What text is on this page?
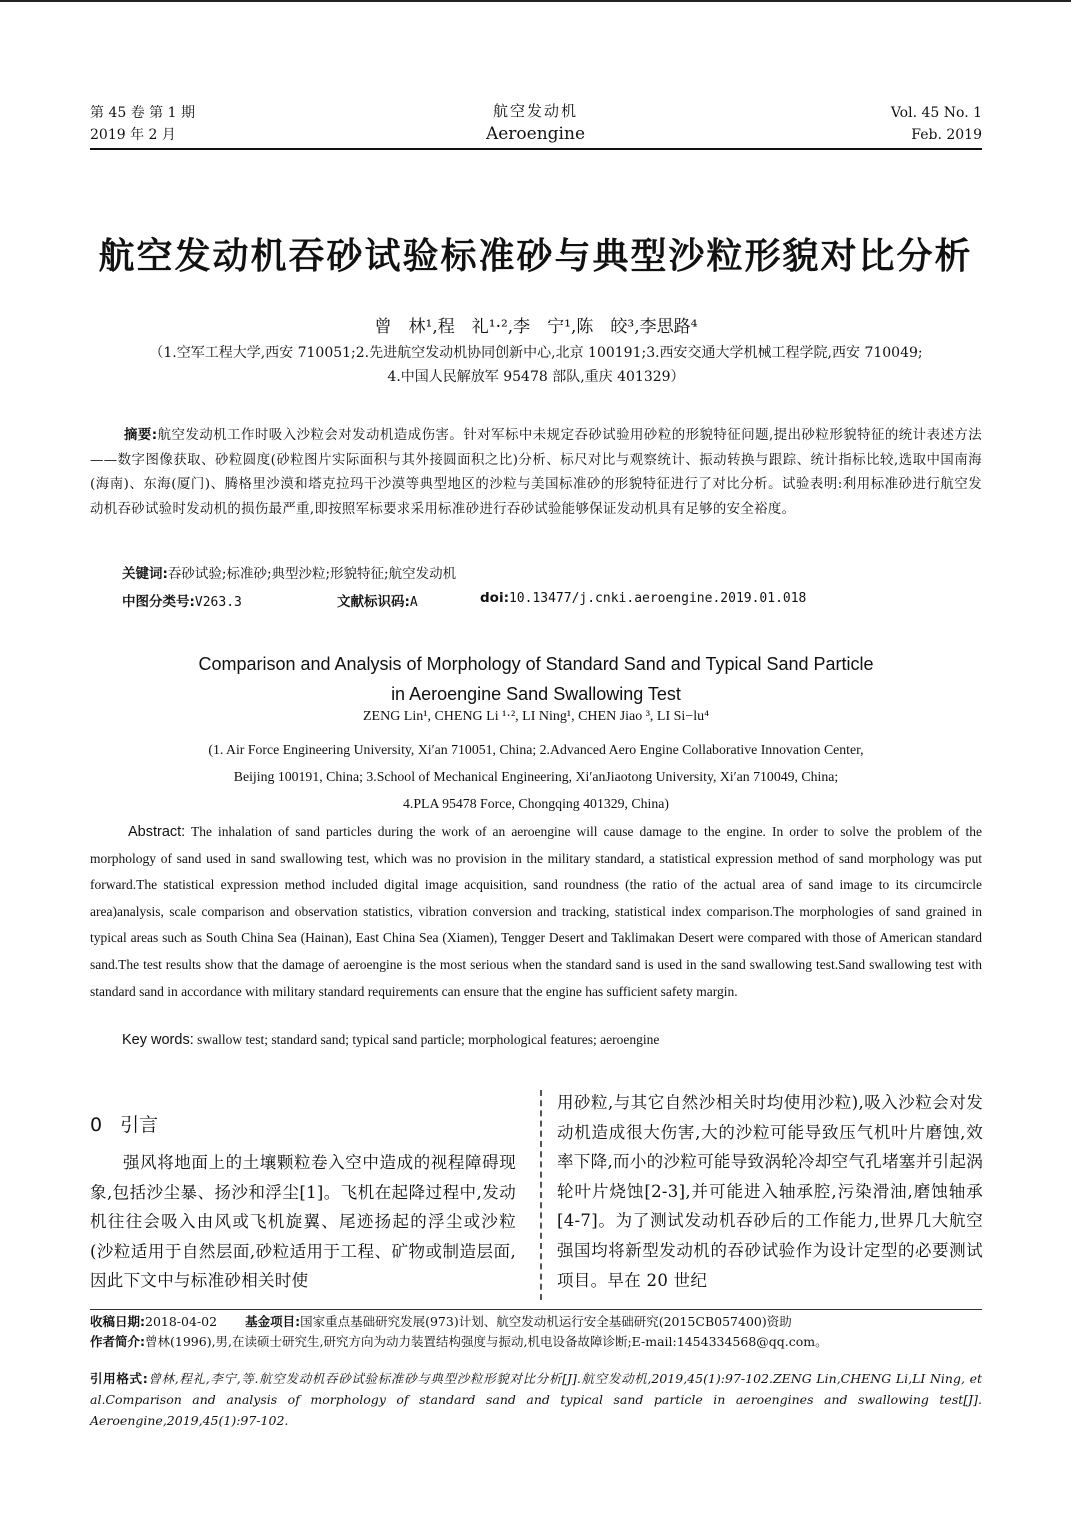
第 45 卷 第 1 期
2019 年 2 月
航空发动机
Aeroengine
Vol. 45 No. 1
Feb. 2019
航空发动机吞砂试验标准砂与典型沙粒形貌对比分析
曾　林¹,程　礼¹·²,李　宁¹,陈　皎³,李思路⁴
（1.空军工程大学,西安 710051;2.先进航空发动机协同创新中心,北京 100191;3.西安交通大学机械工程学院,西安 710049;
4.中国人民解放军 95478 部队,重庆 401329）
摘要:航空发动机工作时吸入沙粒会对发动机造成伤害。针对军标中未规定吞砂试验用砂粒的形貌特征问题,提出砂粒形貌特征的统计表述方法——数字图像获取、砂粒圆度(砂粒图片实际面积与其外接圆面积之比)分析、标尺对比与观察统计、振动转换与跟踪、统计指标比较,选取中国南海(海南)、东海(厦门)、腾格里沙漠和塔克拉玛干沙漠等典型地区的沙粒与美国标准砂的形貌特征进行了对比分析。试验表明:利用标准砂进行航空发动机吞砂试验时发动机的损伤最严重,即按照军标要求采用标准砂进行吞砂试验能够保证发动机具有足够的安全裕度。
关键词:吞砂试验;标准砂;典型沙粒;形貌特征;航空发动机
中图分类号:V263.3	文献标识码:A	doi:10.13477/j.cnki.aeroengine.2019.01.018
Comparison and Analysis of Morphology of Standard Sand and Typical Sand Particle
in Aeroengine Sand Swallowing Test
ZENG Lin¹, CHENG Li ¹·², LI Ning¹, CHEN Jiao ³, LI Si−lu⁴
(1. Air Force Engineering University, Xi′an 710051, China; 2.Advanced Aero Engine Collaborative Innovation Center,
Beijing 100191, China; 3.School of Mechanical Engineering, Xi′anJiaotong University, Xi′an 710049, China;
4.PLA 95478 Force, Chongqing 401329, China)
Abstract: The inhalation of sand particles during the work of an aeroengine will cause damage to the engine. In order to solve the problem of the morphology of sand used in sand swallowing test, which was no provision in the military standard, a statistical expression method of sand morphology was put forward.The statistical expression method included digital image acquisition, sand roundness (the ratio of the actual area of sand image to its circumcircle area)analysis, scale comparison and observation statistics, vibration conversion and tracking, statistical index comparison.The morphologies of sand grained in typical areas such as South China Sea (Hainan), East China Sea (Xiamen), Tengger Desert and Taklimakan Desert were compared with those of American standard sand.The test results show that the damage of aeroengine is the most serious when the standard sand is used in the sand swallowing test.Sand swallowing test with standard sand in accordance with military standard requirements can ensure that the engine has sufficient safety margin.
Key words: swallow test; standard sand; typical sand particle; morphological features; aeroengine
0 引言
强风将地面上的土壤颗粒卷入空中造成的视程障碍现象,包括沙尘暴、扬沙和浮尘[1]。飞机在起降过程中,发动机往往会吸入由风或飞机旋翼、尾迹扬起的浮尘或沙粒(沙粒适用于自然层面,砂粒适用于工程、矿物或制造层面,因此下文中与标准砂相关时使
用砂粒,与其它自然沙相关时均使用沙粒),吸入沙粒会对发动机造成很大伤害,大的沙粒可能导致压气机叶片磨蚀,效率下降,而小的沙粒可能导致涡轮冷却空气孔堵塞并引起涡轮叶片烧蚀[2-3],并可能进入轴承腔,污染滑油,磨蚀轴承[4-7]。为了测试发动机吞砂后的工作能力,世界几大航空强国均将新型发动机的吞砂试验作为设计定型的必要测试项目。早在 20 世纪
收稿日期:2018-04-02 基金项目:国家重点基础研究发展(973)计划、航空发动机运行安全基础研究(2015CB057400)资助
作者简介:曾林(1996),男,在读硕士研究生,研究方向为动力装置结构强度与振动,机电设备故障诊断;E-mail:1454334568@qq.com。
引用格式:曾林,程礼,李宁,等.航空发动机吞砂试验标准砂与典型沙粒形貌对比分析[J].航空发动机,2019,45(1):97-102.ZENG Lin,CHENG Li,LI Ning, et al.Comparison and analysis of morphology of standard sand and typical sand particle in aeroengines and swallowing test[J]. Aeroengine,2019,45(1):97-102.
